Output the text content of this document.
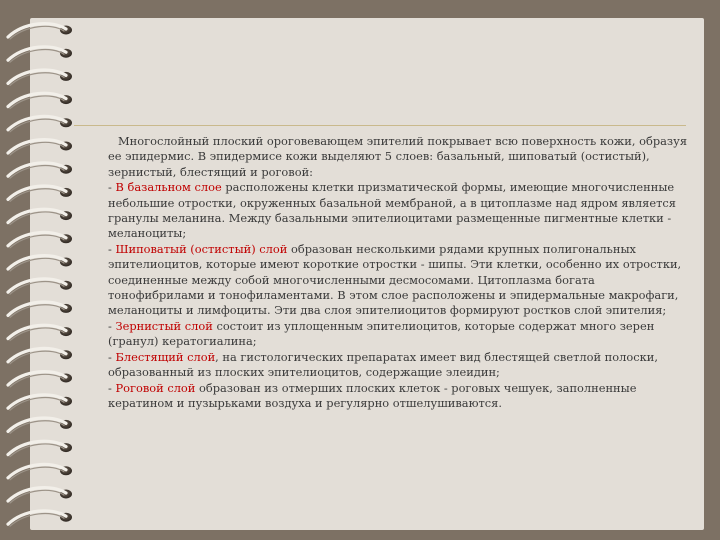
Многослойный плоский ороговевающем эпителий покрывает всю поверхность кожи, образуя ее эпидермис. В эпидермисе кожи выделяют 5 слоев: базальный, шиповатый (остистый), зернистый, блестящий и роговой:

- В базальном слое расположены клетки призматической формы, имеющие многочисленные небольшие отростки, окруженных базальной мембраной, а в цитоплазме над ядром является гранулы меланина. Между базальными эпителиоцитами размещенные пигментные клетки - меланоциты;

- Шиповатый (остистый) слой образован несколькими рядами крупных полигональных эпителиоцитов, которые имеют короткие отростки - шипы. Эти клетки, особенно их отростки, соединенные между собой многочисленными десмосомами. Цитоплазма богата тонофибрилами и тонофиламентами. В этом слое расположены и эпидермальные макрофаги, меланоциты и лимфоциты. Эти два слоя эпителиоцитов формируют ростков слой эпителия;

- Зернистый слой состоит из уплощенным эпителиоцитов, которые содержат много зерен (гранул) кератогиалина;

- Блестящий слой, на гистологических препаратах имеет вид блестящей светлой полоски, образованный из плоских эпителиоцитов, содержащие элеидин;

- Роговой слой образован из отмерших плоских клеток - роговых чешуек, заполненные кератином и пузырьками воздуха и регулярно отшелушиваются.
